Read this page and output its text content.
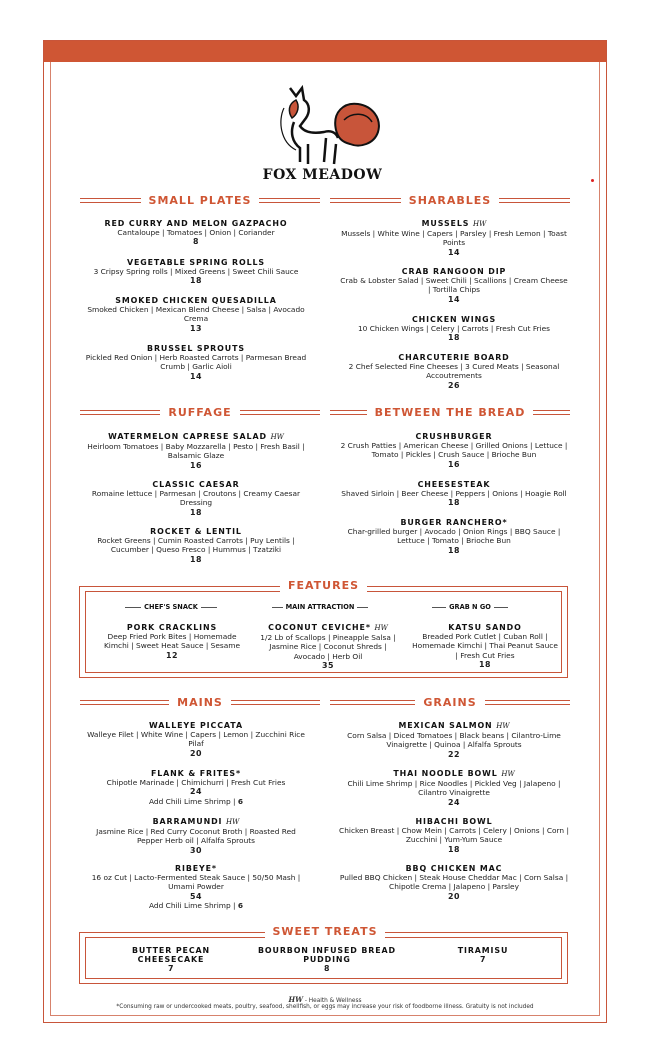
FOX MEADOW
SMALL PLATES	SHARABLES
RUFFAGE	BETWEEN THE BREAD
MAINS	GRAINS
RED CURRY AND MELON GAZPACHO
Cantaloupe | Tomatoes | Onion | Coriander
8
VEGETABLE SPRING ROLLS
3 Cripsy Spring rolls | Mixed Greens | Sweet Chili Sauce
18
SMOKED CHICKEN QUESADILLA
Smoked Chicken | Mexican Blend Cheese | Salsa | Avocado Crema
13
BRUSSEL SPROUTS
Pickled Red Onion | Herb Roasted Carrots | Parmesan Bread Crumb | Garlic Aioli
14
MUSSELS HW
Mussels | White Wine | Capers | Parsley | Fresh Lemon | Toast Points
14
CRAB RANGOON DIP
Crab & Lobster Salad | Sweet Chili | Scallions | Cream Cheese | Tortilla Chips
14
CHICKEN WINGS
10 Chicken Wings | Celery | Carrots | Fresh Cut Fries
18
CHARCUTERIE BOARD
2 Chef Selected Fine Cheeses | 3 Cured Meats | Seasonal Accoutrements
26
WATERMELON CAPRESE SALAD HW
Heirloom Tomatoes | Baby Mozzarella | Pesto | Fresh Basil | Balsamic Glaze
16
CLASSIC CAESAR
Romaine lettuce | Parmesan | Croutons | Creamy Caesar Dressing
18
ROCKET & LENTIL
Rocket Greens | Cumin Roasted Carrots | Puy Lentils | Cucumber | Queso Fresco | Hummus | Tzatziki
18
CRUSHBURGER
2 Crush Patties | American Cheese | Grilled Onions | Lettuce | Tomato | Pickles | Crush Sauce | Brioche Bun
16
CHEESESTEAK
Shaved Sirloin | Beer Cheese | Peppers | Onions | Hoagie Roll
18
BURGER RANCHERO*
Char-grilled burger | Avocado | Onion Rings | BBQ Sauce | Lettuce | Tomato | Brioche Bun
18
FEATURES
CHEF'S SNACK	MAIN ATTRACTION	GRAB N GO
PORK CRACKLINS
Deep Fried Pork Bites | Homemade Kimchi | Sweet Heat Sauce | Sesame
12
COCONUT CEVICHE* HW
1/2 Lb of Scallops | Pineapple Salsa | Jasmine Rice | Coconut Shreds | Avocado | Herb Oil
35
KATSU SANDO
Breaded Pork Cutlet | Cuban Roll | Homemade Kimchi | Thai Peanut Sauce | Fresh Cut Fries
18
WALLEYE PICCATA
Walleye Filet | White Wine | Capers | Lemon | Zucchini Rice Pilaf
20
FLANK & FRITES*
Chipotle Marinade | Chimichurri | Fresh Cut Fries
24
Add Chili Lime Shrimp | 6
BARRAMUNDI HW
Jasmine Rice | Red Curry Coconut Broth | Roasted Red Pepper Herb oil | Alfalfa Sprouts
30
RIBEYE*
16 oz Cut | Lacto-Fermented Steak Sauce | 50/50 Mash | Umami Powder
54
Add Chili Lime Shrimp | 6
MEXICAN SALMON HW
Corn Salsa | Diced Tomatoes | Black beans | Cilantro-Lime Vinaigrette | Quinoa | Alfalfa Sprouts
22
THAI NOODLE BOWL HW
Chili Lime Shrimp | Rice Noodles | Pickled Veg | Jalapeno | Cilantro Vinaigrette
24
HIBACHI BOWL
Chicken Breast | Chow Mein | Carrots | Celery | Onions | Corn | Zucchini | Yum-Yum Sauce
18
BBQ CHICKEN MAC
Pulled BBQ Chicken | Steak House Cheddar Mac | Corn Salsa | Chipotle Crema | Jalapeno | Parsley
20
SWEET TREATS
BUTTER PECAN CHEESECAKE
7
BOURBON INFUSED BREAD PUDDING
8
TIRAMISU
7
HW - Health & Wellness
*Consuming raw or undercooked meats, poultry, seafood, shellfish, or eggs may increase your risk of foodborne illness. Gratuity is not included
